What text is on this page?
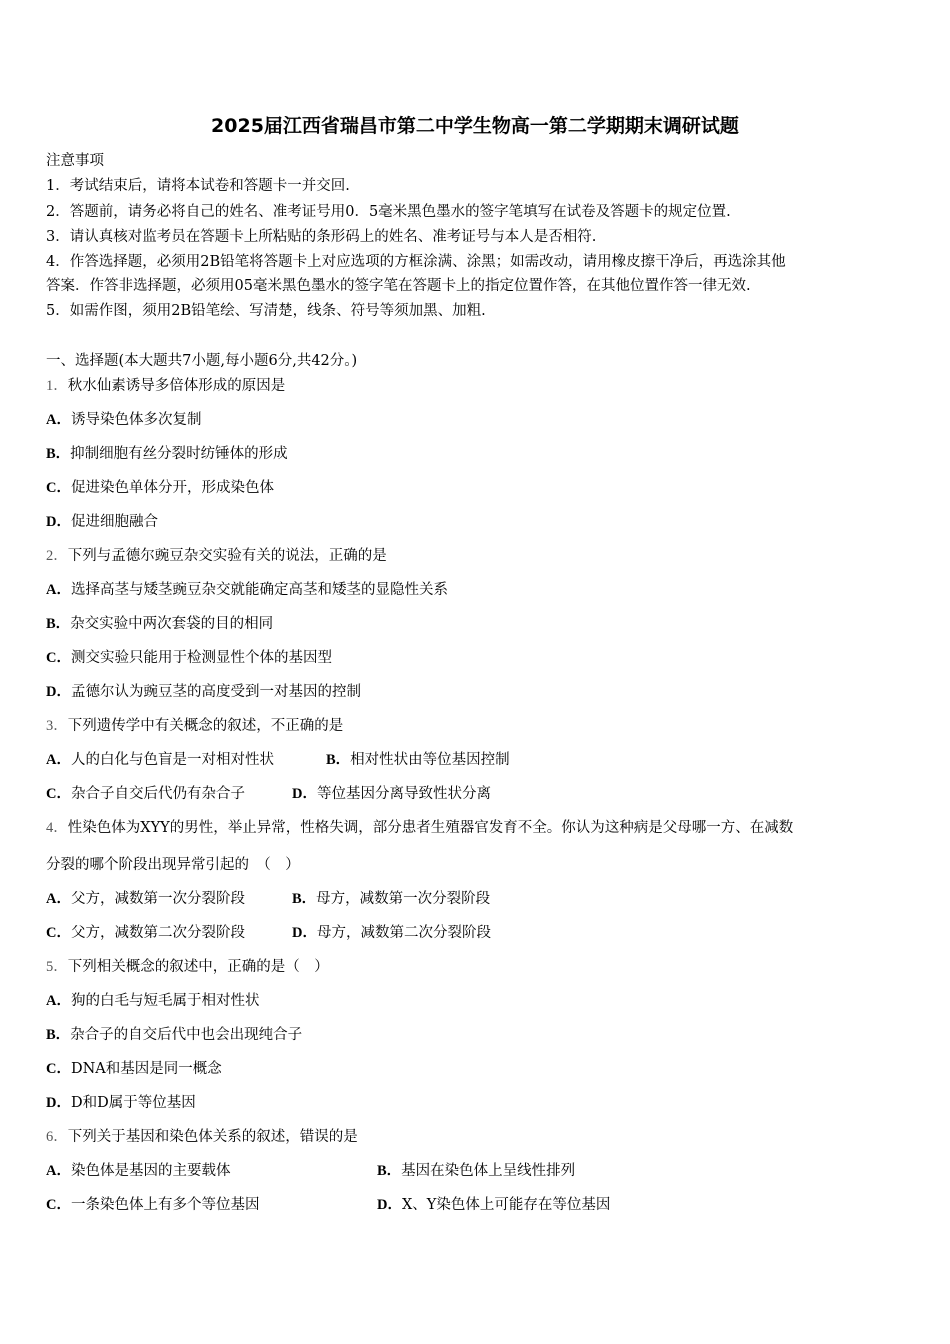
2025届江西省瑞昌市第二中学生物高一第二学期期末调研试题
注意事项
1．考试结束后，请将本试卷和答题卡一并交回.
2．答题前，请务必将自己的姓名、准考证号用0．5毫米黑色墨水的签字笔填写在试卷及答题卡的规定位置.
3．请认真核对监考员在答题卡上所粘贴的条形码上的姓名、准考证号与本人是否相符.
4．作答选择题，必须用2B铅笔将答题卡上对应选项的方框涂满、涂黑；如需改动，请用橡皮擦干净后，再选涂其他
答案．作答非选择题，必须用05毫米黑色墨水的签字笔在答题卡上的指定位置作答，在其他位置作答一律无效.
5．如需作图，须用2B铅笔绘、写清楚，线条、符号等须加黑、加粗.
一、选择题(本大题共7小题,每小题6分,共42分。)
1．秋水仙素诱导多倍体形成的原因是
A．诱导染色体多次复制
B．抑制细胞有丝分裂时纺锤体的形成
C．促进染色单体分开，形成染色体
D．促进细胞融合
2．下列与孟德尔豌豆杂交实验有关的说法，正确的是
A．选择高茎与矮茎豌豆杂交就能确定高茎和矮茎的显隐性关系
B．杂交实验中两次套袋的目的相同
C．测交实验只能用于检测显性个体的基因型
D．孟德尔认为豌豆茎的高度受到一对基因的控制
3．下列遗传学中有关概念的叙述，不正确的是
A．人的白化与色盲是一对相对性状	B．相对性状由等位基因控制
C．杂合子自交后代仍有杂合子	D．等位基因分离导致性状分离
4．性染色体为XYY的男性，举止异常，性格失调，部分患者生殖器官发育不全。你认为这种病是父母哪一方、在减数
分裂的哪个阶段出现异常引起的　（　）
A．父方，减数第一次分裂阶段	B．母方，减数第一次分裂阶段
C．父方，减数第二次分裂阶段	D．母方，减数第二次分裂阶段
5．下列相关概念的叙述中，正确的是（　）
A．狗的白毛与短毛属于相对性状
B．杂合子的自交后代中也会出现纯合子
C．DNA和基因是同一概念
D．D和D属于等位基因
6．下列关于基因和染色体关系的叙述，错误的是
A．染色体是基因的主要载体	B．基因在染色体上呈线性排列
C．一条染色体上有多个等位基因	D．X、Y染色体上可能存在等位基因
